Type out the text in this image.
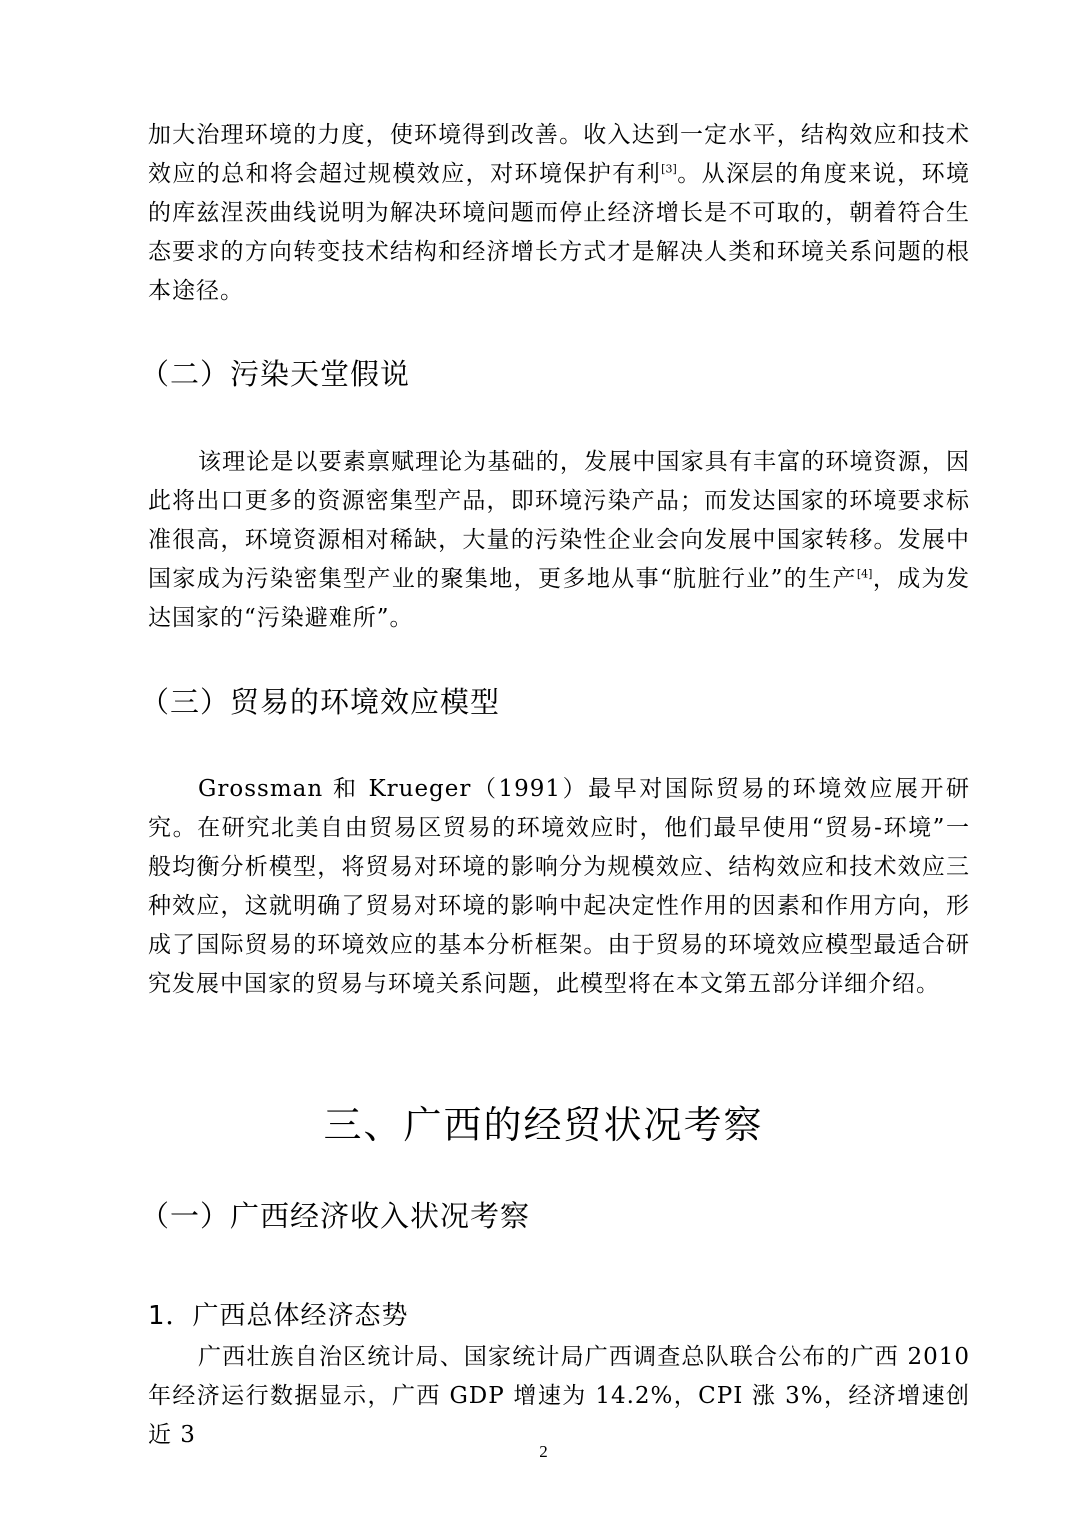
加大治理环境的力度，使环境得到改善。收入达到一定水平，结构效应和技术效应的总和将会超过规模效应，对环境保护有利[3]。从深层的角度来说，环境的库兹涅茨曲线说明为解决环境问题而停止经济增长是不可取的，朝着符合生态要求的方向转变技术结构和经济增长方式才是解决人类和环境关系问题的根本途径。

（二）污染天堂假说

该理论是以要素禀赋理论为基础的，发展中国家具有丰富的环境资源，因此将出口更多的资源密集型产品，即环境污染产品；而发达国家的环境要求标准很高，环境资源相对稀缺，大量的污染性企业会向发展中国家转移。发展中国家成为污染密集型产业的聚集地，更多地从事“肮脏行业”的生产[4]，成为发达国家的“污染避难所”。

（三）贸易的环境效应模型

Grossman 和 Krueger（1991）最早对国际贸易的环境效应展开研究。在研究北美自由贸易区贸易的环境效应时，他们最早使用“贸易-环境”一般均衡分析模型，将贸易对环境的影响分为规模效应、结构效应和技术效应三种效应，这就明确了贸易对环境的影响中起决定性作用的因素和作用方向，形成了国际贸易的环境效应的基本分析框架。由于贸易的环境效应模型最适合研究发展中国家的贸易与环境关系问题，此模型将在本文第五部分详细介绍。

三、广西的经贸状况考察
（一）广西经济收入状况考察
1．广西总体经济态势

广西壮族自治区统计局、国家统计局广西调查总队联合公布的广西 2010 年经济运行数据显示，广西 GDP 增速为 14.2%，CPI 涨 3%，经济增速创近 3

2
